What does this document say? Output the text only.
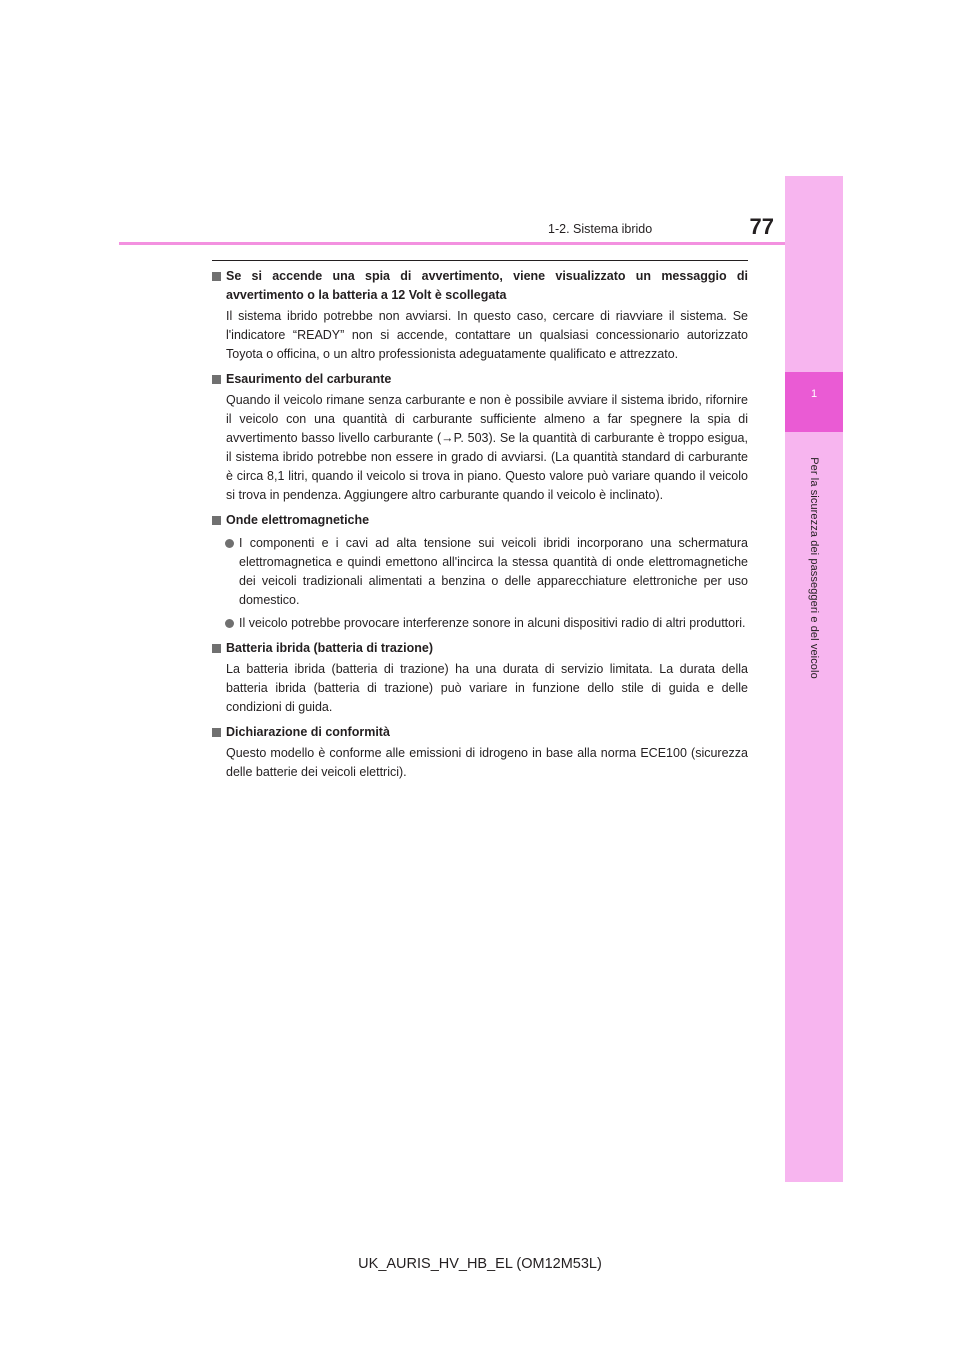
1
Per la sicurezza dei passeggeri e del veicolo
77
1-2. Sistema ibrido
Se si accende una spia di avvertimento, viene visualizzato un messaggio di avvertimento o la batteria a 12 Volt è scollegata
Il sistema ibrido potrebbe non avviarsi. In questo caso, cercare di riavviare il sistema. Se l'indicatore “READY” non si accende, contattare un qualsiasi concessionario autorizzato Toyota o officina, o un altro professionista adeguatamente qualificato e attrezzato.
Esaurimento del carburante
Quando il veicolo rimane senza carburante e non è possibile avviare il sistema ibrido, rifornire il veicolo con una quantità di carburante sufficiente almeno a far spegnere la spia di avvertimento basso livello carburante (→P. 503). Se la quantità di carburante è troppo esigua, il sistema ibrido potrebbe non essere in grado di avviarsi. (La quantità standard di carburante è circa 8,1 litri, quando il veicolo si trova in piano. Questo valore può variare quando il veicolo si trova in pendenza. Aggiungere altro carburante quando il veicolo è inclinato).
Onde elettromagnetiche
I componenti e i cavi ad alta tensione sui veicoli ibridi incorporano una schermatura elettromagnetica e quindi emettono all'incirca la stessa quantità di onde elettromagnetiche dei veicoli tradizionali alimentati a benzina o delle apparecchiature elettroniche per uso domestico.
Il veicolo potrebbe provocare interferenze sonore in alcuni dispositivi radio di altri produttori.
Batteria ibrida (batteria di trazione)
La batteria ibrida (batteria di trazione) ha una durata di servizio limitata. La durata della batteria ibrida (batteria di trazione) può variare in funzione dello stile di guida e delle condizioni di guida.
Dichiarazione di conformità
Questo modello è conforme alle emissioni di idrogeno in base alla norma ECE100 (sicurezza delle batterie dei veicoli elettrici).
UK_AURIS_HV_HB_EL (OM12M53L)
